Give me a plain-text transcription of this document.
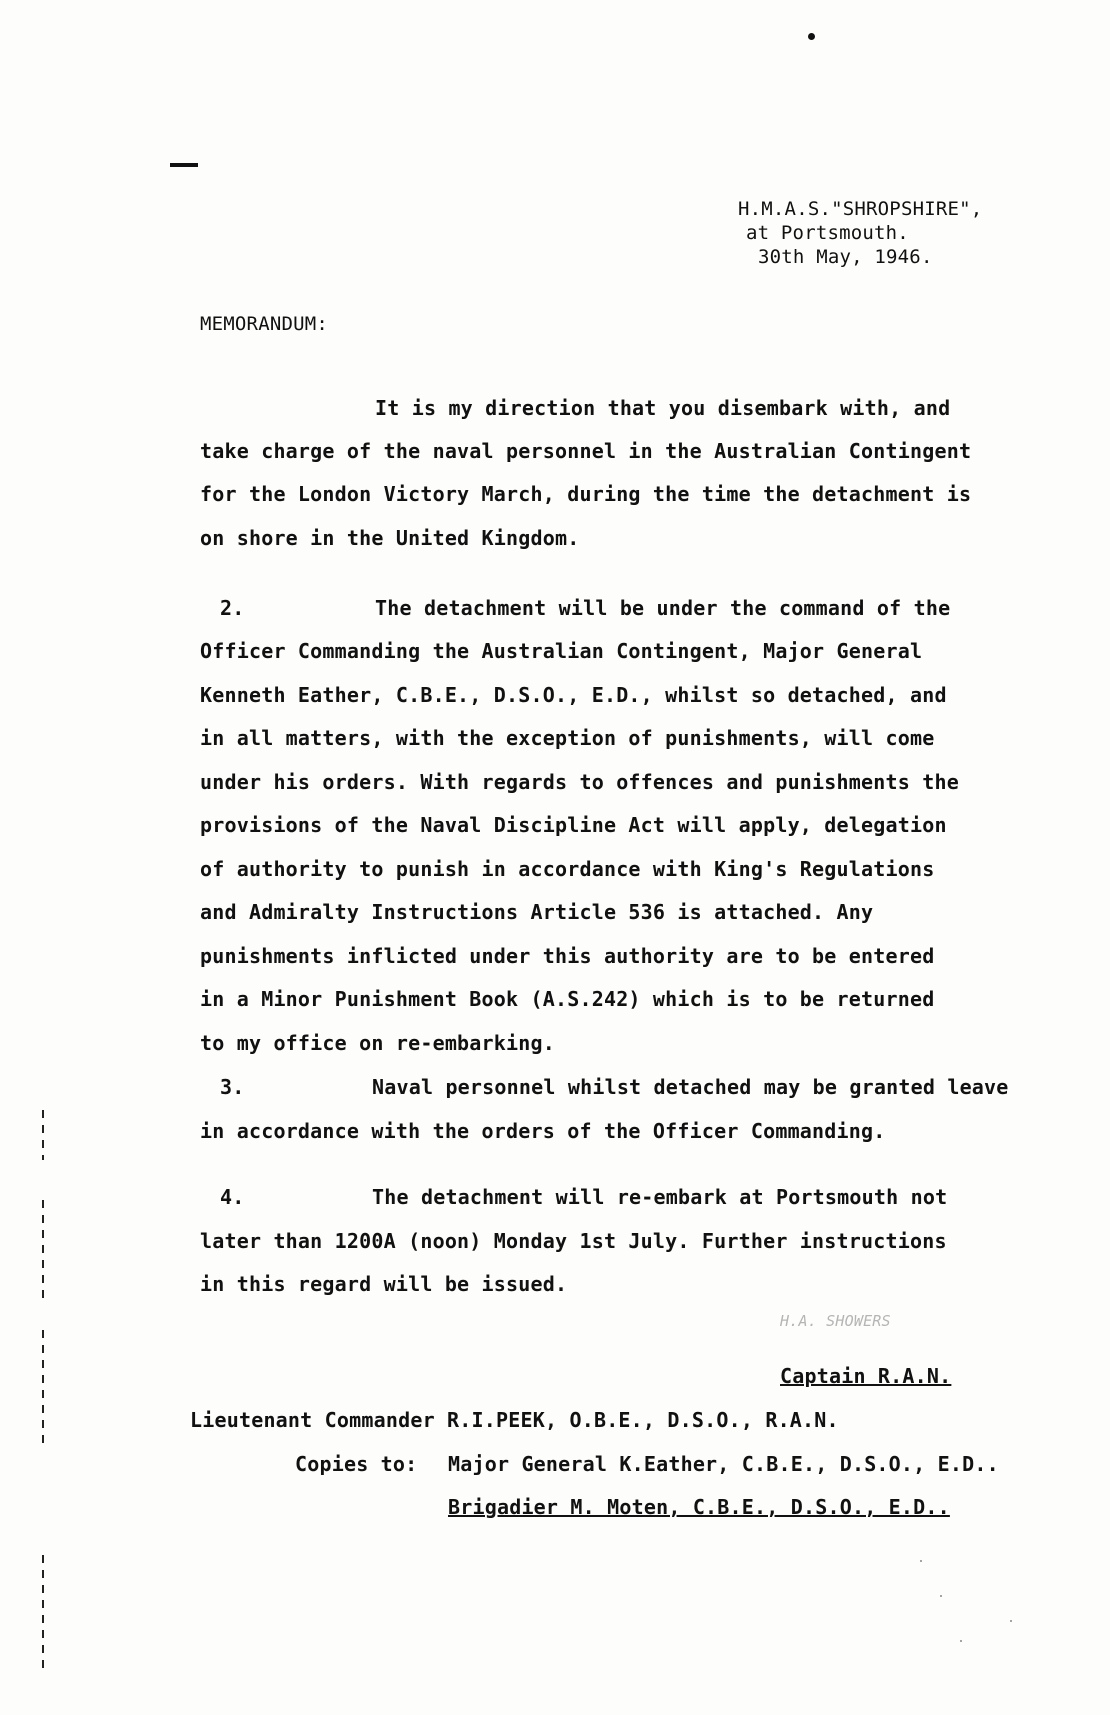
H.M.A.S."SHROPSHIRE",
at Portsmouth.
30th May, 1946.
MEMORANDUM:
It is my direction that you disembark with, and
take charge of the naval personnel in the Australian Contingent
for the London Victory March, during the time the detachment is
on shore in the United Kingdom.
2.	The detachment will be under the command of the
Officer Commanding the Australian Contingent, Major General
Kenneth Eather, C.B.E., D.S.O., E.D., whilst so detached, and
in all matters, with the exception of punishments, will come
under his orders. With regards to offences and punishments the
provisions of the Naval Discipline Act will apply, delegation
of authority to punish in accordance with King's Regulations
and Admiralty Instructions Article 536 is attached. Any
punishments inflicted under this authority are to be entered
in a Minor Punishment Book (A.S.242) which is to be returned
to my office on re-embarking.
3.	Naval personnel whilst detached may be granted leave
in accordance with the orders of the Officer Commanding.
4.	The detachment will re-embark at Portsmouth not
later than 1200A (noon) Monday 1st July. Further instructions
in this regard will be issued.
H.A. SHOWERS
Captain R.A.N.
Lieutenant Commander R.I.PEEK, O.B.E., D.S.O., R.A.N.
Copies to: Major General K.Eather, C.B.E., D.S.O., E.D..
Brigadier M. Moten, C.B.E., D.S.O., E.D..
